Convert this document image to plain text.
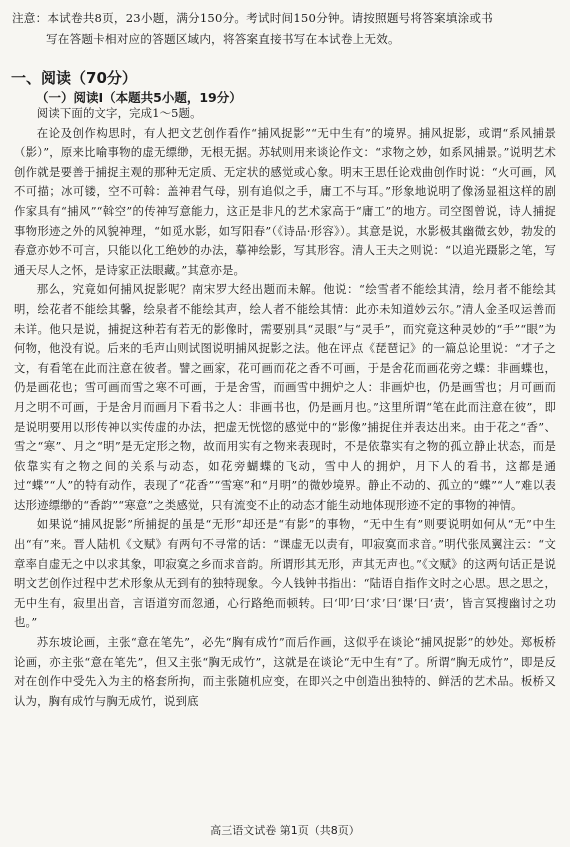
注意：本试卷共8页，23小题，满分150分。考试时间150分钟。请按照题号将答案填涂或书
写在答题卡相对应的答题区域内，将答案直接书写在本试卷上无效。
一、阅读（70分）
（一）阅读Ⅰ（本题共5小题，19分）

阅读下面的文字，完成1～5题。

在论及创作构思时，有人把文艺创作看作“捕风捉影”“无中生有”的境界。捕风捉影，或谓“系风捕景（影）”，原来比喻事物的虚无缥缈，无根无据。苏轼则用来谈论作文：“求物之妙，如系风捕景。”说明艺术创作就是要善于捕捉主观的那种无定质、无定状的感觉或心象。明末王思任论戏曲创作时说：“火可画，风不可描；冰可镂，空不可斡：盖神君气母，别有追似之手，庸工不与耳。”形象地说明了像汤显祖这样的剧作家具有“捕风”“斡空”的传神写意能力，这正是非凡的艺术家高于“庸工”的地方。司空图曾说，诗人捕捉事物形迹之外的风貌神理，“如觅水影，如写阳春”（《诗品·形容》）。其意是说，水影极其幽微玄妙，勃发的春意亦妙不可言，只能以化工绝妙的办法，摹神绘影，写其形容。清人王夫之则说：“以追光蹑影之笔，写通天尽人之怀，是诗家正法眼藏。”其意亦是。

那么，究竟如何捕风捉影呢？南宋罗大经出题而未解。他说：“绘雪者不能绘其清，绘月者不能绘其明，绘花者不能绘其馨，绘泉者不能绘其声，绘人者不能绘其情：此亦未知道妙云尔。”清人金圣叹运善而未详。他只是说，捕捉这种若有若无的影像时，需要别具“灵眼”与“灵手”，而究竟这种灵妙的“手”“眼”为何物，他没有说。后来的毛声山则试图说明捕风捉影之法。他在评点《琵琶记》的一篇总论里说：“才子之文，有看笔在此而注意在彼者。譬之画家，花可画而花之香不可画，于是舍花而画花旁之蝶：非画蝶也，仍是画花也；雪可画而雪之寒不可画，于是舍雪，而画雪中拥炉之人：非画炉也，仍是画雪也；月可画而月之明不可画，于是舍月而画月下看书之人：非画书也，仍是画月也。”这里所谓“笔在此而注意在彼”，即是说明要用以形传神以实传虚的办法，把虚无恍惚的感觉中的“影像”捕捉住并表达出来。由于花之“香”、雪之“寒”、月之“明”是无定形之物，故而用实有之物来表现时，不是依靠实有之物的孤立静止状态，而是依靠实有之物之间的关系与动态，如花旁蝴蝶的飞动，雪中人的拥炉，月下人的看书，这都是通过“蝶”“人”的特有动作，表现了“花香”“雪寒”和“月明”的微妙境界。静止不动的、孤立的“蝶”“人”难以表达形迹缥缈的“香韵”“寒意”之类感觉，只有流变不止的动态才能生动地体现形迹不定的事物的神情。

如果说“捕风捉影”所捕捉的虽是“无形”却还是“有影”的事物，“无中生有”则要说明如何从“无”中生出“有”来。晋人陆机《文赋》有两句不寻常的话：“课虚无以责有，叩寂寞而求音。”明代张凤翼注云：“文章率自虚无之中以求其象，叩寂寞之乡而求音韵。所谓形其无形，声其无声也。”《文赋》的这两句话正是说明文艺创作过程中艺术形象从无到有的独特现象。今人钱钟书指出：“陆语自指作文时之心思。思之思之，无中生有，寂里出音，言语道穷而忽通，心行路绝而顿转。曰‘叩’曰‘求’曰‘课’曰‘责’，皆言冥搜幽讨之功也。”

苏东坡论画，主张“意在笔先”，必先“胸有成竹”而后作画，这似乎在谈论“捕风捉影”的妙处。郑板桥论画，亦主张“意在笔先”，但又主张“胸无成竹”，这就是在谈论“无中生有”了。所谓“胸无成竹”，即是反对在创作中受先入为主的格套所拘，而主张随机应变，在即兴之中创造出独特的、鲜活的艺术品。板桥又认为，胸有成竹与胸无成竹，说到底

高三语文试卷 第1页（共8页）
